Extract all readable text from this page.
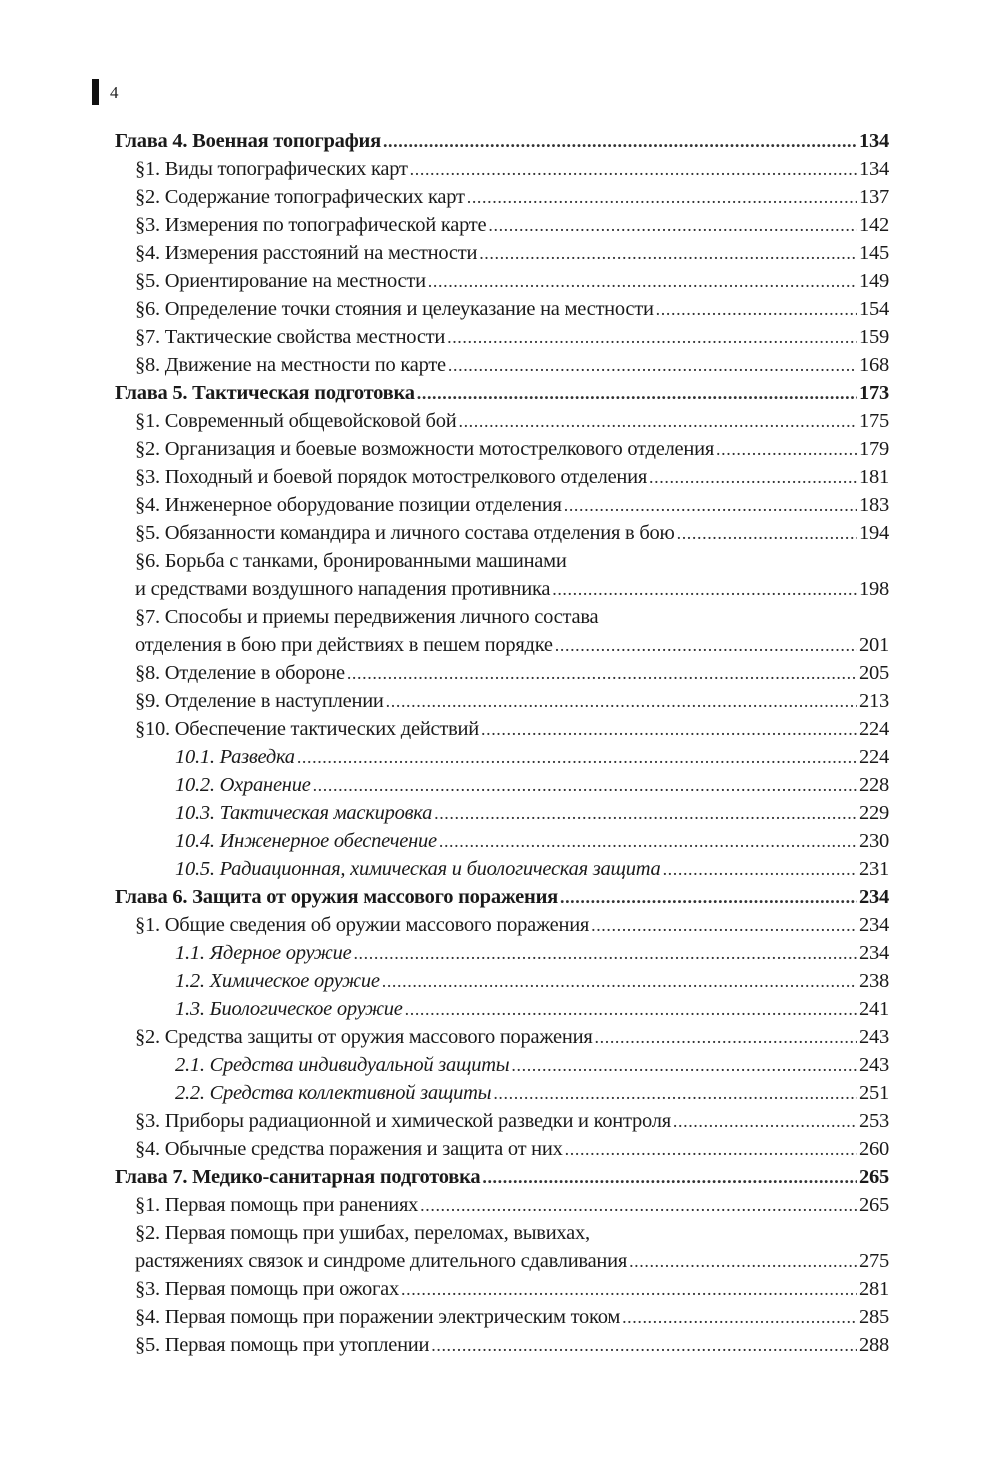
4
Глава 4. Военная топография .....	134
§1. Виды топографических карт .....	134
§2. Содержание топографических карт .....	137
§3. Измерения по топографической карте .....	142
§4. Измерения расстояний на местности .....	145
§5. Ориентирование на местности .....	149
§6. Определение точки стояния и целеуказание на местности .....	154
§7. Тактические свойства местности .....	159
§8. Движение на местности по карте .....	168
Глава 5. Тактическая подготовка .....	173
§1. Современный общевойсковой бой .....	175
§2. Организация и боевые возможности мотострелкового отделения .....	179
§3. Походный и боевой порядок мотострелкового отделения .....	181
§4. Инженерное оборудование позиции отделения .....	183
§5. Обязанности командира и личного состава отделения в бою .....	194
§6. Борьба с танками, бронированными машинами
и средствами воздушного нападения противника .....	198
§7. Способы и приемы передвижения личного состава
отделения в бою при действиях в пешем порядке .....	201
§8. Отделение в обороне .....	205
§9. Отделение в наступлении .....	213
§10. Обеспечение тактических действий .....	224
10.1. Разведка .....	224
10.2. Охранение .....	228
10.3. Тактическая маскировка .....	229
10.4. Инженерное обеспечение .....	230
10.5. Радиационная, химическая и биологическая защита .....	231
Глава 6. Защита от оружия массового поражения .....	234
§1. Общие сведения об оружии массового поражения .....	234
1.1. Ядерное оружие .....	234
1.2. Химическое оружие .....	238
1.3. Биологическое оружие .....	241
§2. Средства защиты от оружия массового поражения .....	243
2.1. Средства индивидуальной защиты .....	243
2.2. Средства коллективной защиты .....	251
§3. Приборы радиационной и химической разведки и контроля .....	253
§4. Обычные средства поражения и защита от них .....	260
Глава 7. Медико-санитарная подготовка .....	265
§1. Первая помощь при ранениях .....	265
§2. Первая помощь при ушибах, переломах, вывихах,
растяжениях связок и синдроме длительного сдавливания .....	275
§3. Первая помощь при ожогах .....	281
§4. Первая помощь при поражении электрическим током .....	285
§5. Первая помощь при утоплении .....	288
